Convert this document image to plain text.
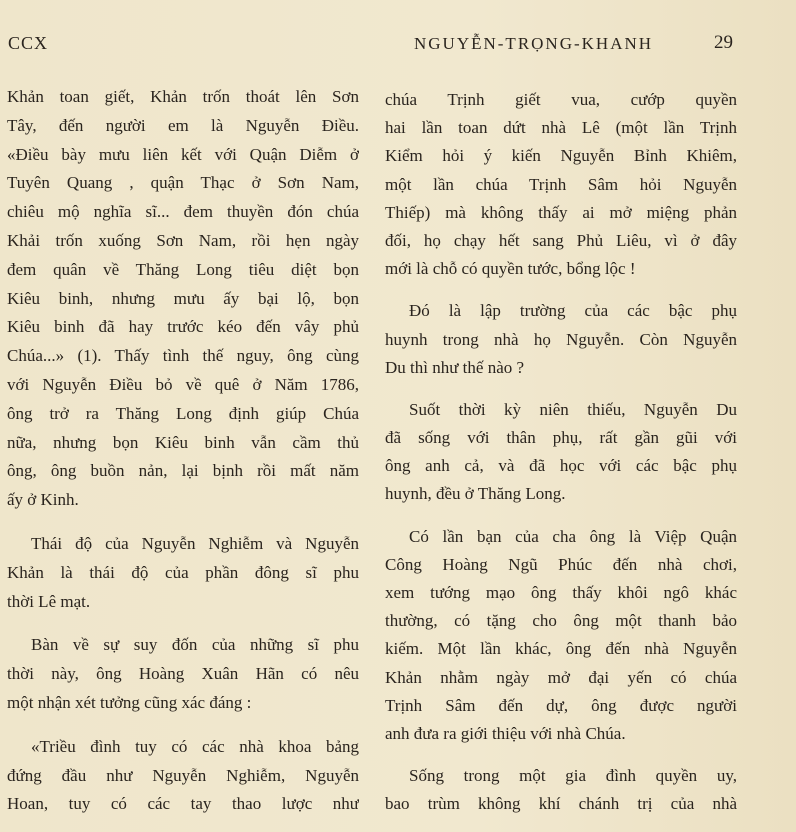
CCX	NGUYỄN-TRỌNG-KHANH	29
Khản toan giết, Khản trốn thoát lên Sơn
Tây, đến người em là Nguyễn Điều.
«Điều bày mưu liên kết với Quận Diễm ở
Tuyên Quang , quận Thạc ở Sơn Nam,
chiêu mộ nghĩa sĩ... đem thuyền đón chúa
Khải trốn xuống Sơn Nam, rồi hẹn ngày
đem quân về Thăng Long tiêu diệt bọn
Kiêu binh, nhưng mưu ấy bại lộ, bọn
Kiêu binh đã hay trước kéo đến vây phủ
Chúa...» (1). Thấy tình thế nguy, ông cùng
với Nguyễn Điều bỏ về quê ở Năm 1786,
ông trở ra Thăng Long định giúp Chúa
nữa, nhưng bọn Kiêu binh vẫn cầm thủ
ông, ông buồn nản, lại bịnh rồi mất năm
ấy ở Kinh.
Thái độ của Nguyễn Nghiễm và Nguyễn
Khản là thái độ của phần đông sĩ phu
thời Lê mạt.
Bàn về sự suy đốn của những sĩ phu
thời này, ông Hoàng Xuân Hãn có nêu
một nhận xét tưởng cũng xác đáng :
«Triều đình tuy có các nhà khoa bảng
đứng đầu như Nguyễn Nghiễm, Nguyễn
Hoan, tuy có các tay thao lược như
chúa Trịnh giết vua, cướp quyền
hai lần toan dứt nhà Lê (một lần Trịnh
Kiểm hỏi ý kiến Nguyễn Bỉnh Khiêm,
một lần chúa Trịnh Sâm hỏi Nguyễn
Thiếp) mà không thấy ai mở miệng phản
đối, họ chạy hết sang Phủ Liêu, vì ở đây
mới là chỗ có quyền tước, bổng lộc !
Đó là lập trường của các bậc phụ
huynh trong nhà họ Nguyễn. Còn Nguyễn
Du thì như thế nào ?
Suốt thời kỳ niên thiếu, Nguyễn Du
đã sống với thân phụ, rất gần gũi với
ông anh cả, và đã học với các bậc phụ
huynh, đều ở Thăng Long.
Có lần bạn của cha ông là Việp Quận
Công Hoàng Ngũ Phúc đến nhà chơi,
xem tướng mạo ông thấy khôi ngô khác
thường, có tặng cho ông một thanh bảo
kiếm. Một lần khác, ông đến nhà Nguyễn
Khản nhằm ngày mở đại yến có chúa
Trịnh Sâm đến dự, ông được người
anh đưa ra giới thiệu với nhà Chúa.
Sống trong một gia đình quyền uy,
bao trùm không khí chánh trị của nhà
